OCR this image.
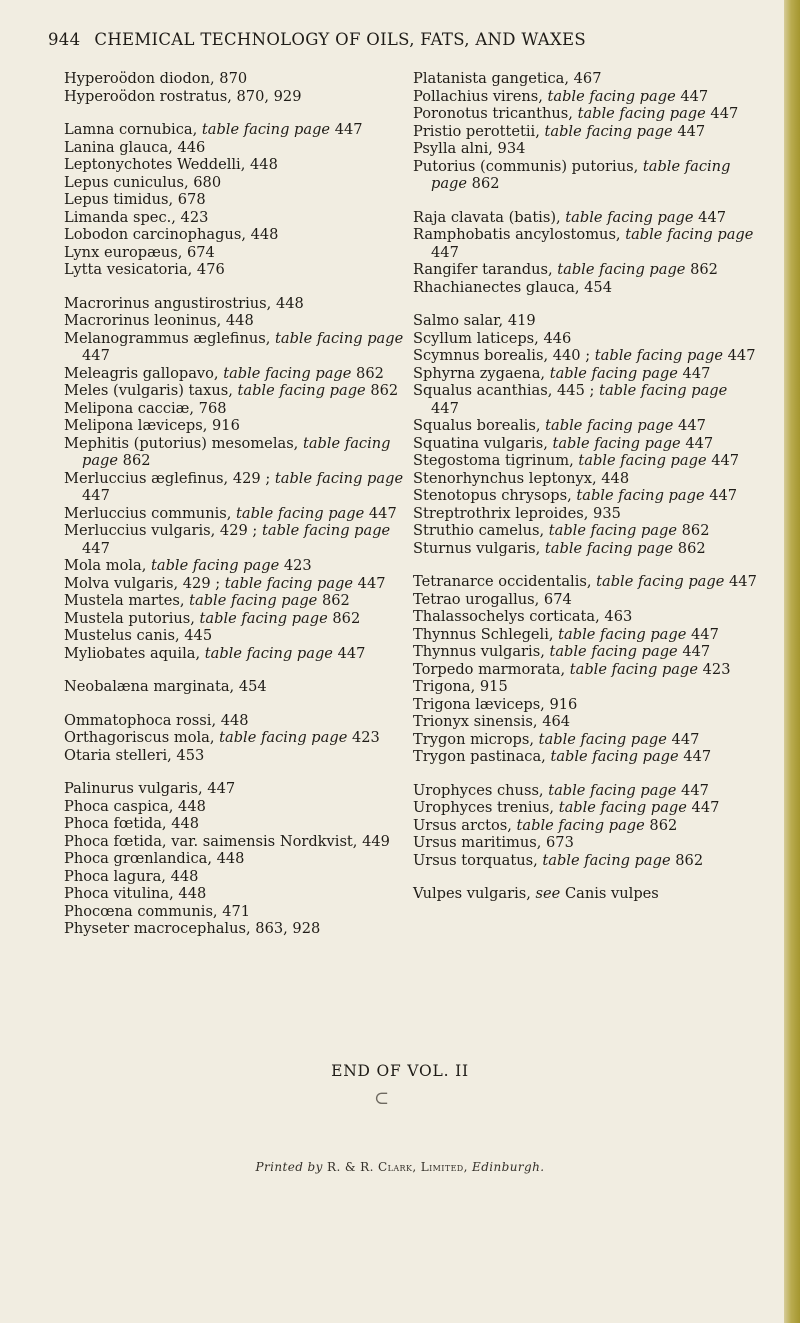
944 CHEMICAL TECHNOLOGY OF OILS, FATS, AND WAXES
Hyperoödon diodon, 870
Hyperoödon rostratus, 870, 929
Lamna cornubica, table facing page 447
Lanina glauca, 446
Leptonychotes Weddelli, 448
Lepus cuniculus, 680
Lepus timidus, 678
Limanda spec., 423
Lobodon carcinophagus, 448
Lynx europæus, 674
Lytta vesicatoria, 476
Macrorinus angustirostrius, 448
Macrorinus leoninus, 448
Melanogrammus æglefinus, table facing page 447
Meleagris gallopavo, table facing page 862
Meles (vulgaris) taxus, table facing page 862
Melipona cacciæ, 768
Melipona læviceps, 916
Mephitis (putorius) mesomelas, table facing page 862
Merluccius æglefinus, 429 ; table facing page 447
Merluccius communis, table facing page 447
Merluccius vulgaris, 429 ; table facing page 447
Mola mola, table facing page 423
Molva vulgaris, 429 ; table facing page 447
Mustela martes, table facing page 862
Mustela putorius, table facing page 862
Mustelus canis, 445
Myliobates aquila, table facing page 447
Neobalæna marginata, 454
Ommatophoca rossi, 448
Orthagoriscus mola, table facing page 423
Otaria stelleri, 453
Palinurus vulgaris, 447
Phoca caspica, 448
Phoca fœtida, 448
Phoca fœtida, var. saimensis Nordkvist, 449
Phoca grœnlandica, 448
Phoca lagura, 448
Phoca vitulina, 448
Phocœna communis, 471
Physeter macrocephalus, 863, 928
Platanista gangetica, 467
Pollachius virens, table facing page 447
Poronotus tricanthus, table facing page 447
Pristio perottetii, table facing page 447
Psylla alni, 934
Putorius (communis) putorius, table facing page 862
Raja clavata (batis), table facing page 447
Ramphobatis ancylostomus, table facing page 447
Rangifer tarandus, table facing page 862
Rhachianectes glauca, 454
Salmo salar, 419
Scyllum laticeps, 446
Scymnus borealis, 440 ; table facing page 447
Sphyrna zygaena, table facing page 447
Squalus acanthias, 445 ; table facing page 447
Squalus borealis, table facing page 447
Squatina vulgaris, table facing page 447
Stegostoma tigrinum, table facing page 447
Stenorhynchus leptonyx, 448
Stenotopus chrysops, table facing page 447
Streptrothrix leproides, 935
Struthio camelus, table facing page 862
Sturnus vulgaris, table facing page 862
Tetranarce occidentalis, table facing page 447
Tetrao urogallus, 674
Thalassochelys corticata, 463
Thynnus Schlegeli, table facing page 447
Thynnus vulgaris, table facing page 447
Torpedo marmorata, table facing page 423
Trigona, 915
Trigona læviceps, 916
Trionyx sinensis, 464
Trygon microps, table facing page 447
Trygon pastinaca, table facing page 447
Urophyces chuss, table facing page 447
Urophyces trenius, table facing page 447
Ursus arctos, table facing page 862
Ursus maritimus, 673
Ursus torquatus, table facing page 862
Vulpes vulgaris, see Canis vulpes
END OF VOL. II
⊂
Printed by R. & R. Clark, Limited, Edinburgh.
